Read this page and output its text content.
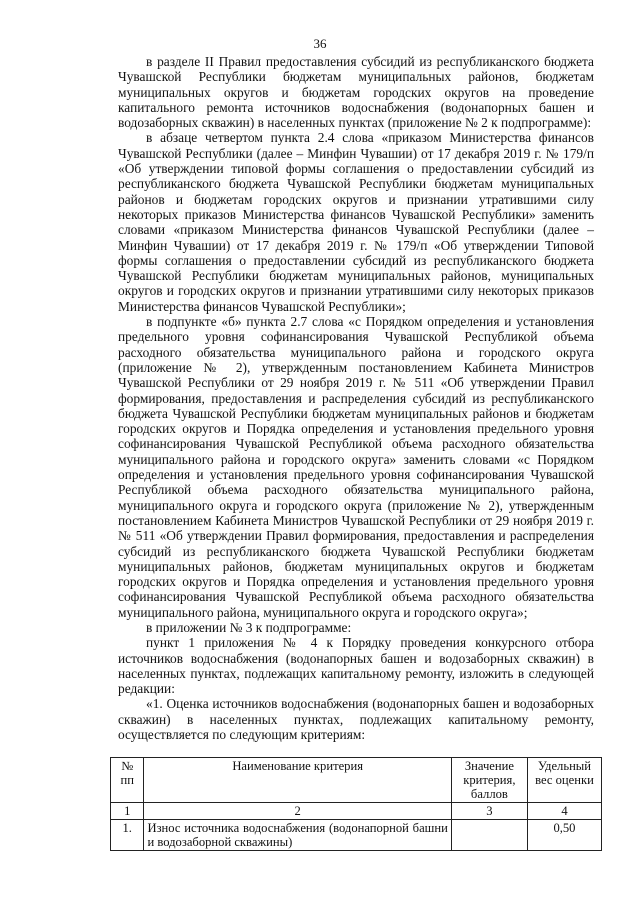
36

в разделе II Правил предоставления субсидий из республиканского бюджета Чувашской Республики бюджетам муниципальных районов, бюджетам муниципальных округов и бюджетам городских округов на проведение капитального ремонта источников водоснабжения (водонапорных башен и водозаборных скважин) в населенных пунктах (приложение № 2 к подпрограмме):

в абзаце четвертом пункта 2.4 слова «приказом Министерства финансов Чувашской Республики (далее – Минфин Чувашии) от 17 декабря 2019 г. № 179/п «Об утверждении типовой формы соглашения о предоставлении субсидий из республиканского бюджета Чувашской Республики бюджетам муниципальных районов и бюджетам городских округов и признании утратившими силу некоторых приказов Министерства финансов Чувашской Республики» заменить словами «приказом Министерства финансов Чувашской Республики (далее – Минфин Чувашии) от 17 декабря 2019 г. № 179/п «Об утверждении Типовой формы соглашения о предоставлении субсидий из республиканского бюджета Чувашской Республики бюджетам муниципальных районов, муниципальных округов и городских округов и признании утратившими силу некоторых приказов Министерства финансов Чувашской Республики»;

в подпункте «б» пункта 2.7 слова «с Порядком определения и установления предельного уровня софинансирования Чувашской Республикой объема расходного обязательства муниципального района и городского округа (приложение № 2), утвержденным постановлением Кабинета Министров Чувашской Республики от 29 ноября 2019 г. № 511 «Об утверждении Правил формирования, предоставления и распределения субсидий из республиканского бюджета Чувашской Республики бюджетам муниципальных районов и бюджетам городских округов и Порядка определения и установления предельного уровня софинансирования Чувашской Республикой объема расходного обязательства муниципального района и городского округа» заменить словами «с Порядком определения и установления предельного уровня софинансирования Чувашской Республикой объема расходного обязательства муниципального района, муниципального округа и городского округа (приложение № 2), утвержденным постановлением Кабинета Министров Чувашской Республики от 29 ноября 2019 г. № 511 «Об утверждении Правил формирования, предоставления и распределения субсидий из республиканского бюджета Чувашской Республики бюджетам муниципальных районов, бюджетам муниципальных округов и бюджетам городских округов и Порядка определения и установления предельного уровня софинансирования Чувашской Республикой объема расходного обязательства муниципального района, муниципального округа и городского округа»;

в приложении № 3 к подпрограмме:

пункт 1 приложения № 4 к Порядку проведения конкурсного отбора источников водоснабжения (водонапорных башен и водозаборных скважин) в населенных пунктах, подлежащих капитальному ремонту, изложить в следующей редакции:

«1. Оценка источников водоснабжения (водонапорных башен и водозаборных скважин) в населенных пунктах, подлежащих капитальному ремонту, осуществляется по следующим критериям:

№ пп	Наименование критерия	Значение критерия, баллов	Удельный вес оценки
1	2	3	4
1.	Износ источника водоснабжения (водонапорной башни и водозаборной скважины)		0,50
